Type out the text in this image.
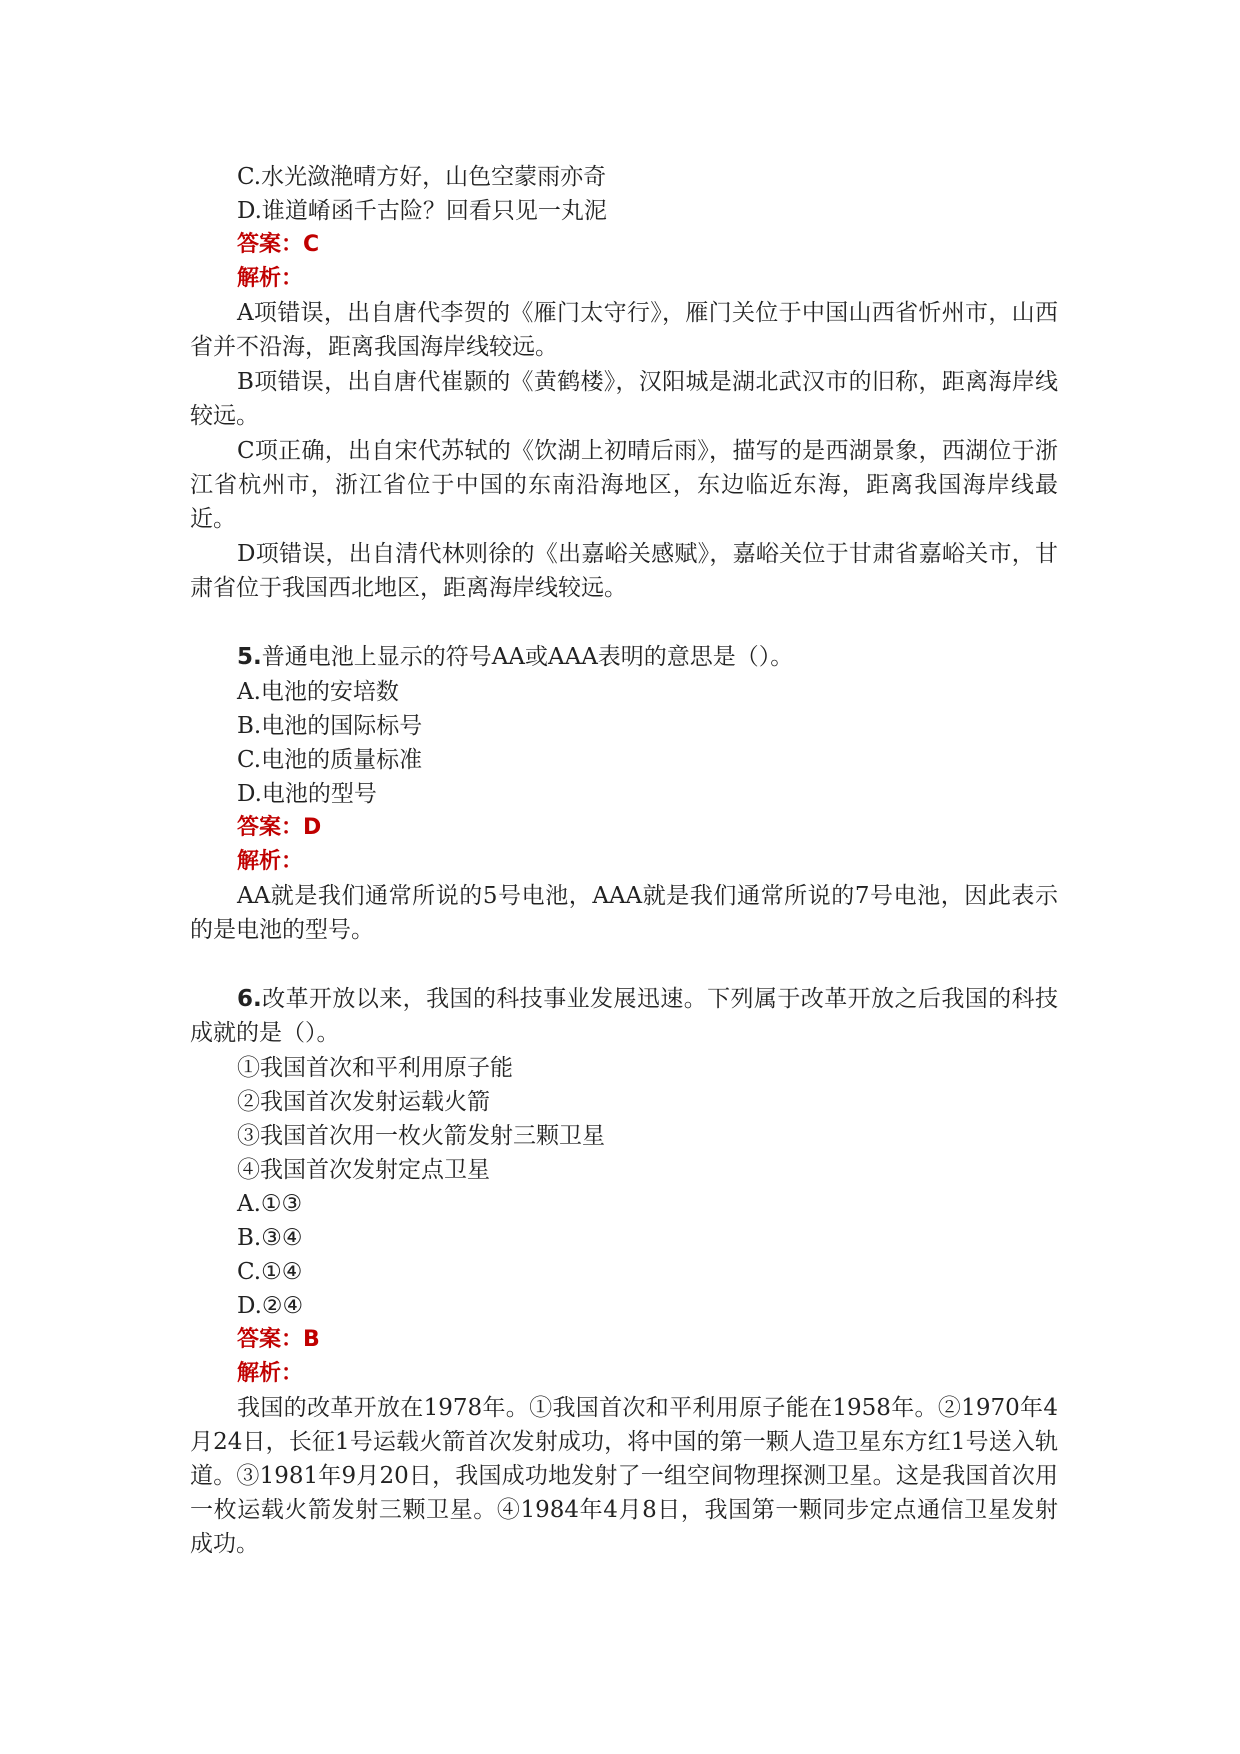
C.水光潋滟晴方好，山色空蒙雨亦奇

D.谁道崤函千古险？回看只见一丸泥

答案：C

解析：

A项错误，出自唐代李贺的《雁门太守行》，雁门关位于中国山西省忻州市，山西省并不沿海，距离我国海岸线较远。

B项错误，出自唐代崔颢的《黄鹤楼》，汉阳城是湖北武汉市的旧称，距离海岸线较远。

C项正确，出自宋代苏轼的《饮湖上初晴后雨》，描写的是西湖景象，西湖位于浙江省杭州市，浙江省位于中国的东南沿海地区，东边临近东海，距离我国海岸线最近。

D项错误，出自清代林则徐的《出嘉峪关感赋》，嘉峪关位于甘肃省嘉峪关市，甘肃省位于我国西北地区，距离海岸线较远。

5.普通电池上显示的符号AA或AAA表明的意思是（）。

A.电池的安培数

B.电池的国际标号

C.电池的质量标准

D.电池的型号

答案：D

解析：

AA就是我们通常所说的5号电池，AAA就是我们通常所说的7号电池，因此表示的是电池的型号。

6.改革开放以来，我国的科技事业发展迅速。下列属于改革开放之后我国的科技成就的是（）。

①我国首次和平利用原子能

②我国首次发射运载火箭

③我国首次用一枚火箭发射三颗卫星

④我国首次发射定点卫星

A.①③

B.③④

C.①④

D.②④

答案：B

解析：

我国的改革开放在1978年。①我国首次和平利用原子能在1958年。②1970年4月24日，长征1号运载火箭首次发射成功，将中国的第一颗人造卫星东方红1号送入轨道。③1981年9月20日，我国成功地发射了一组空间物理探测卫星。这是我国首次用一枚运载火箭发射三颗卫星。④1984年4月8日，我国第一颗同步定点通信卫星发射成功。
